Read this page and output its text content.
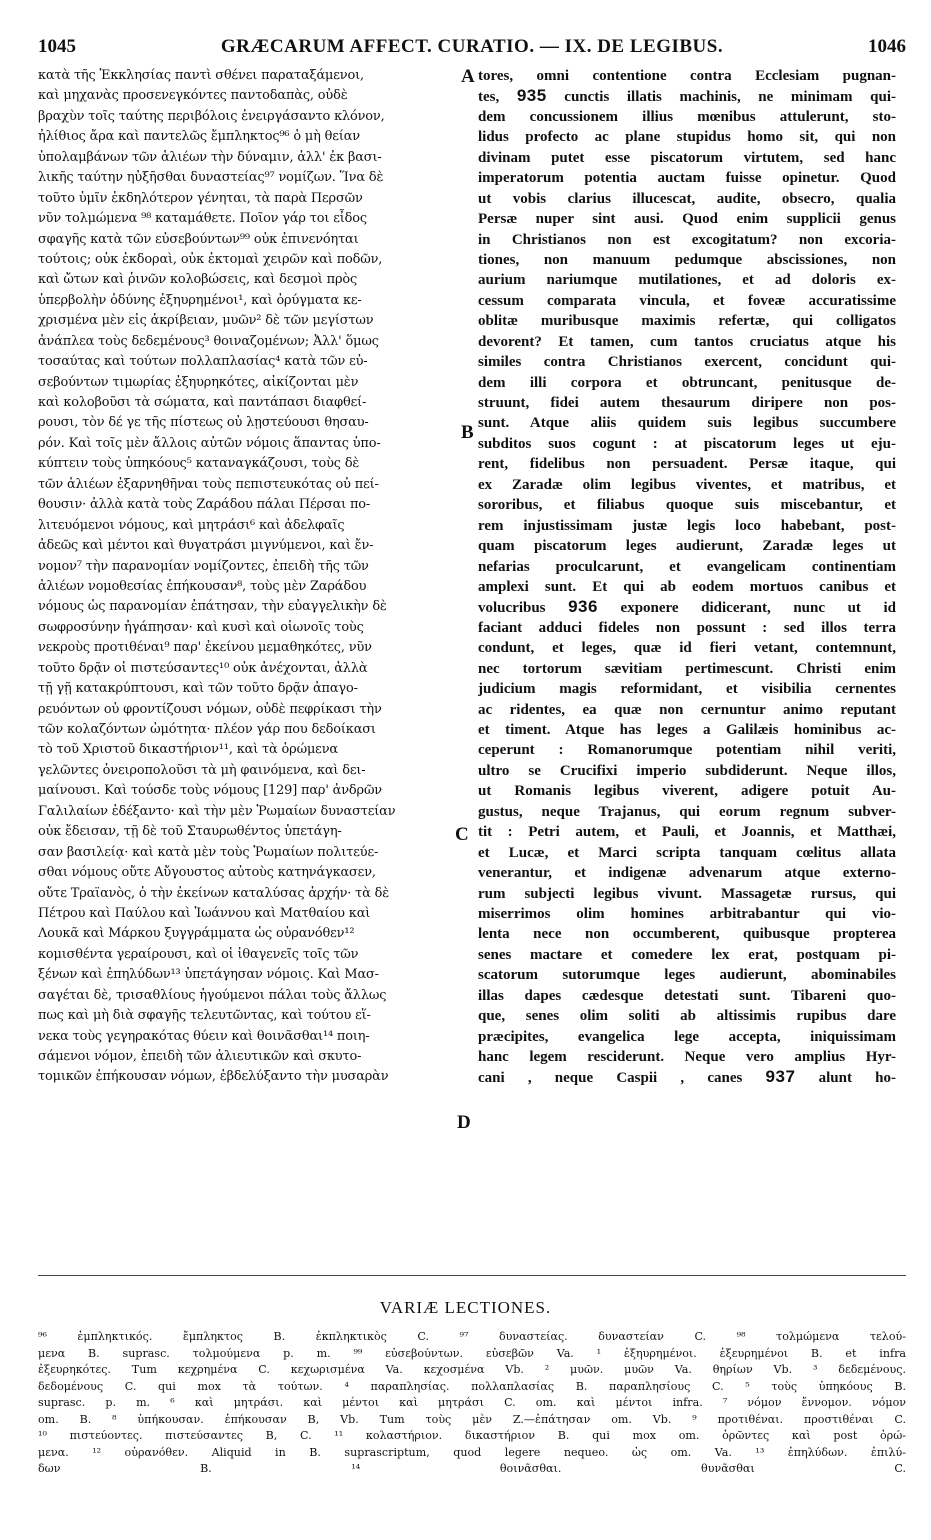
1045	GRÆCARUM AFFECT. CURATIO. — IX. DE LEGIBUS.	1046
κατὰ τῆς Ἐκκλησίας παντὶ σθένει παραταξάμενοι,
καὶ μηχανὰς προσενεγκόντες παντοδαπὰς, οὐδὲ
βραχὺν τοῖς ταύτης περιβόλοις ἐνειργάσαντο κλόνον,
ἠλίθιος ἄρα καὶ παντελῶς ἔμπληκτος⁹⁶ ὁ μὴ θείαν
ὑπολαμβάνων τῶν ἁλιέων τὴν δύναμιν, ἀλλ' ἐκ βασι-
λικῆς ταύτην ηὐξῆσθαι δυναστείας⁹⁷ νομίζων. Ἵνα δὲ
τοῦτο ὑμῖν ἐκδηλότερον γένηται, τὰ παρὰ Περσῶν
νῦν τολμώμενα ⁹⁸ καταμάθετε. Ποῖον γάρ τοι εἶδος
σφαγῆς κατὰ τῶν εὐσεβούντων⁹⁹ οὐκ ἐπινενόηται
τούτοις; οὐκ ἐκδοραὶ, οὐκ ἐκτομαὶ χειρῶν καὶ ποδῶν,
καὶ ὤτων καὶ ῥινῶν κολοβώσεις, καὶ δεσμοὶ πρὸς
ὑπερβολὴν ὀδύνης ἐξηυρημένοι¹, καὶ ὀρύγματα κε-
χρισμένα μὲν εἰς ἀκρίβειαν, μυῶν² δὲ τῶν μεγίστων
ἀνάπλεα τοὺς δεδεμένους³ θοιναζομένων; Ἀλλ' ὅμως
τοσαύτας καὶ τούτων πολλαπλασίας⁴ κατὰ τῶν εὐ-
σεβούντων τιμωρίας ἐξηυρηκότες, αἰκίζονται μὲν
καὶ κολοβοῦσι τὰ σώματα, καὶ παντάπασι διαφθεί-
ρουσι, τὸν δέ γε τῆς πίστεως οὐ λῃστεύουσι θησαυ-
ρόν. Καὶ τοῖς μὲν ἄλλοις αὐτῶν νόμοις ἅπαντας ὑπο-
κύπτειν τοὺς ὑπηκόους⁵ καταναγκάζουσι, τοὺς δὲ
τῶν ἁλιέων ἐξαρνηθῆναι τοὺς πεπιστευκότας οὐ πεί-
θουσιν· ἀλλὰ κατὰ τοὺς Ζαράδου πάλαι Πέρσαι πο-
λιτευόμενοι νόμους, καὶ μητράσι⁶ καὶ ἀδελφαῖς
ἀδεῶς καὶ μέντοι καὶ θυγατράσι μιγνύμενοι, καὶ ἔν-
νομον⁷ τὴν παρανομίαν νομίζοντες, ἐπειδὴ τῆς τῶν
ἁλιέων νομοθεσίας ἐπήκουσαν⁸, τοὺς μὲν Ζαράδου
νόμους ὡς παρανομίαν ἐπάτησαν, τὴν εὐαγγελικὴν δὲ
σωφροσύνην ἠγάπησαν· καὶ κυσὶ καὶ οἰωνοῖς τοὺς
νεκροὺς προτιθέναι⁹ παρ' ἐκείνου μεμαθηκότες, νῦν
τοῦτο δρᾷν οἱ πιστεύσαντες¹⁰ οὐκ ἀνέχονται, ἀλλὰ
τῇ γῇ κατακρύπτουσι, καὶ τῶν τοῦτο δρᾷν ἀπαγο-
ρευόντων οὐ φροντίζουσι νόμων, οὐδὲ πεφρίκασι τὴν
τῶν κολαζόντων ὠμότητα· πλέον γάρ που δεδοίκασι
τὸ τοῦ Χριστοῦ δικαστήριον¹¹, καὶ τὰ ὁρώμενα
γελῶντες ὀνειροπολοῦσι τὰ μὴ φαινόμενα, καὶ δει-
μαίνουσι. Καὶ τούσδε τοὺς νόμους [129] παρ' ἀνδρῶν
Γαλιλαίων ἐδέξαντο· καὶ τὴν μὲν Ῥωμαίων δυναστείαν
οὐκ ἔδεισαν, τῇ δὲ τοῦ Σταυρωθέντος ὑπετάγη-
σαν βασιλείᾳ· καὶ κατὰ μὲν τοὺς Ῥωμαίων πολιτεύε-
σθαι νόμους οὔτε Αὔγουστος αὐτοὺς κατηνάγκασεν,
οὔτε Τραϊανὸς, ὁ τὴν ἐκείνων καταλύσας ἀρχήν· τὰ δὲ
Πέτρου καὶ Παύλου καὶ Ἰωάννου καὶ Ματθαίου καὶ
Λουκᾶ καὶ Μάρκου ξυγγράμματα ὡς οὐρανόθεν¹²
κομισθέντα γεραίρουσι, καὶ οἱ ἰθαγενεῖς τοῖς τῶν
ξένων καὶ ἐπηλύδων¹³ ὑπετάγησαν νόμοις. Καὶ Μασ-
σαγέται δὲ, τρισαθλίους ἡγούμενοι πάλαι τοὺς ἄλλως
πως καὶ μὴ διὰ σφαγῆς τελευτῶντας, καὶ τούτου εἵ-
νεκα τοὺς γεγηρακότας θύειν καὶ θοινᾶσθαι¹⁴ ποιη-
σάμενοι νόμον, ἐπειδὴ τῶν ἁλιευτικῶν καὶ σκυτο-
τομικῶν ἐπήκουσαν νόμων, ἐβδελύξαντο τὴν μυσαρὰν
tores, omni contentione contra Ecclesiam pugnan-
tes, 935 cunctis illatis machinis, ne minimam qui-
dem concussionem illius mœnibus attulerunt, sto-
lidus profecto ac plane stupidus homo sit, qui non
divinam putet esse piscatorum virtutem, sed hanc
imperatorum potentia auctam fuisse opinetur. Quod
ut vobis clarius illucescat, audite, obsecro, qualia
Persæ nuper sint ausi. Quod enim supplicii genus
in Christianos non est excogitatum? non excoria-
tiones, non manuum pedumque abscissiones, non
aurium nariumque mutilationes, et ad doloris ex-
cessum comparata vincula, et foveæ accuratissime
oblitæ muribusque maximis refertæ, qui colligatos
devorent? Et tamen, cum tantos cruciatus atque his
similes contra Christianos exercent, concidunt qui-
dem illi corpora et obtruncant, penitusque de-
struunt, fidei autem thesaurum diripere non pos-
sunt. Atque aliis quidem suis legibus succumbere
subditos suos cogunt : at piscatorum leges ut eju-
rent, fidelibus non persuadent. Persæ itaque, qui
ex Zaradæ olim legibus viventes, et matribus, et
sororibus, et filiabus quoque suis miscebantur, et
rem injustissimam justæ legis loco habebant, post-
quam piscatorum leges audierunt, Zaradæ leges ut
nefarias proculcarunt, et evangelicam continentiam
amplexi sunt. Et qui ab eodem mortuos canibus et
volucribus 936 exponere didicerant, nunc ut id
faciant adduci fideles non possunt : sed illos terra
condunt, et leges, quæ id fieri vetant, contemnunt,
nec tortorum sævitiam pertimescunt. Christi enim
judicium magis reformidant, et visibilia cernentes
ac ridentes, ea quæ non cernuntur animo reputant
et timent. Atque has leges a Galilæis hominibus ac-
ceperunt : Romanorumque potentiam nihil veriti,
ultro se Crucifixi imperio subdiderunt. Neque illos,
ut Romanis legibus viverent, adigere potuit Au-
gustus, neque Trajanus, qui eorum regnum subver-
tit : Petri autem, et Pauli, et Joannis, et Matthæi,
et Lucæ, et Marci scripta tanquam cœlitus allata
venerantur, et indigenæ advenarum atque externo-
rum subjecti legibus vivunt. Massagetæ rursus, qui
miserrimos olim homines arbitrabantur qui vio-
lenta nece non occumberent, quibusque propterea
senes mactare et comedere lex erat, postquam pi-
scatorum sutorumque leges audierunt, abominabiles
illas dapes cædesque detestati sunt. Tibareni quo-
que, senes olim soliti ab altissimis rupibus dare
præcipites, evangelica lege accepta, iniquissimam
hanc legem resciderunt. Neque vero amplius Hyr-
cani , neque Caspii , canes 937 alunt ho-
A
B
C
D
VARIÆ LECTIONES.
⁹⁶ ἐμπληκτικός. ἔμπληκτος B. ἐκπληκτικὸς C. ⁹⁷ δυναστείας. δυναστείαν C. ⁹⁸ τολμώμενα τελού-
μενα B. suprasc. τολμούμενα p. m. ⁹⁹ εὐσεβούντων. εὐσεβῶν Va. ¹ ἐξηυρημένοι. ἐξευρημένοι B. et infra
ἐξευρηκότες. Tum κεχρημένα C. κεχωρισμένα Va. κεχοσμένα Vb. ² μυῶν. μυῶν Va. θηρίων Vb. ³ δεδεμένους.
δεδομένους C. qui mox τὰ τούτων. ⁴ παραπλησίας. πολλαπλασίας B. παραπλησίους C. ⁵ τοὺς ὑπηκόους B.
suprasc. p. m. ⁶ καὶ μητράσι. καὶ μέντοι καὶ μητράσι C. om. καὶ μέντοι infra. ⁷ νόμον ἔννομον. νόμον
om. B. ⁸ ὑπήκουσαν. ἐπήκουσαν B, Vb. Tum τοὺς μὲν Z.—ἐπάτησαν om. Vb. ⁹ προτιθέναι. προστιθέναι C.
¹⁰ πιστεύοντες. πιστεύσαντες B, C. ¹¹ κολαστήριον. δικαστήριον B. qui mox om. ὁρῶντες καὶ post ὁρώ-
μενα. ¹² οὐρανόθεν. Aliquid in B. suprascriptum, quod legere nequeo. ὡς om. Va. ¹³ ἐπηλύδων. ἐπιλύ-
δων B. ¹⁴ θοινᾶσθαι. θυνᾶσθαι C.
